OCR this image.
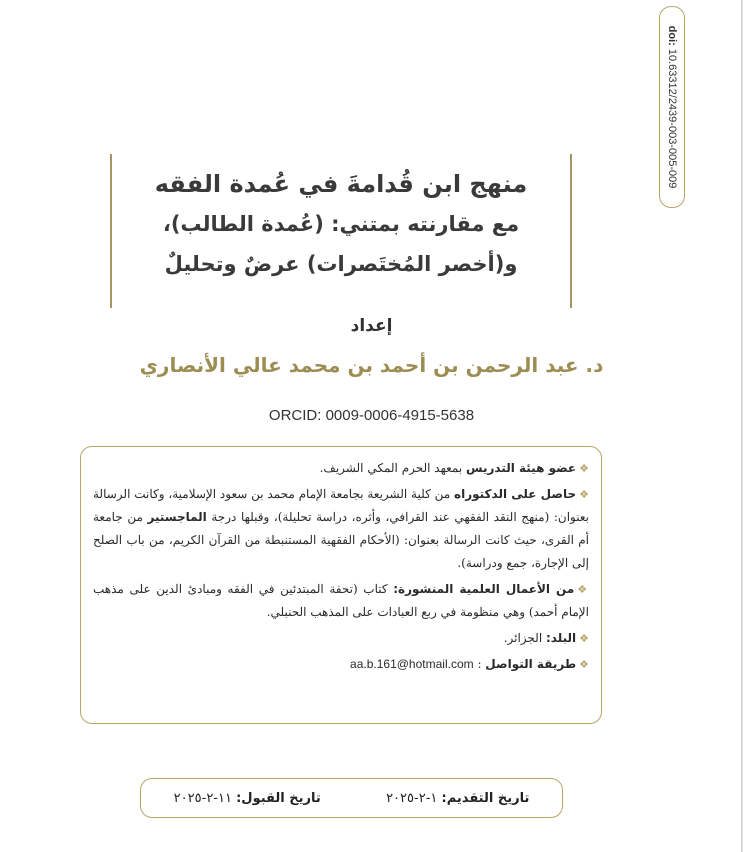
doi: 10.63312/2439-003-005-009
منهج ابن قُدامةَ في عُمدة الفقه
مع مقارنته بمتني: (عُمدة الطالب)، و(أخصر المُختَصرات) عرضٌ وتحليلٌ
إعداد
د. عبد الرحمن بن أحمد بن محمد عالي الأنصاري
ORCID: 0009-0006-4915-5638

❖عضو هيئة التدريس بمعهد الحرم المكي الشريف.

❖حاصل على الدكتوراه من كلية الشريعة بجامعة الإمام محمد بن سعود الإسلامية، وكانت الرسالة بعنوان: (منهج النقد الفقهي عند القرافي، وأثره، دراسة تحليلة)، وقبلها درجة الماجستير من جامعة أم القرى، حيث كانت الرسالة بعنوان: (الأحكام الفقهية المستنبطة من القرآن الكريم، من باب الصلح إلى الإجارة، جمع ودراسة).

❖من الأعمال العلمية المنشورة: كتاب (تحفة المبتدئين في الفقه ومبادئ الدين على مذهب الإمام أحمد) وهي منظومة في ربع العبادات على المذهب الحنبلي.

❖البلد: الجزائر.

❖طريقة التواصل : aa.b.161@hotmail.com

تاريخ التقديم: ١-٢-٢٠٢٥
تاريخ القبول: ١١-٢-٢٠٢٥
